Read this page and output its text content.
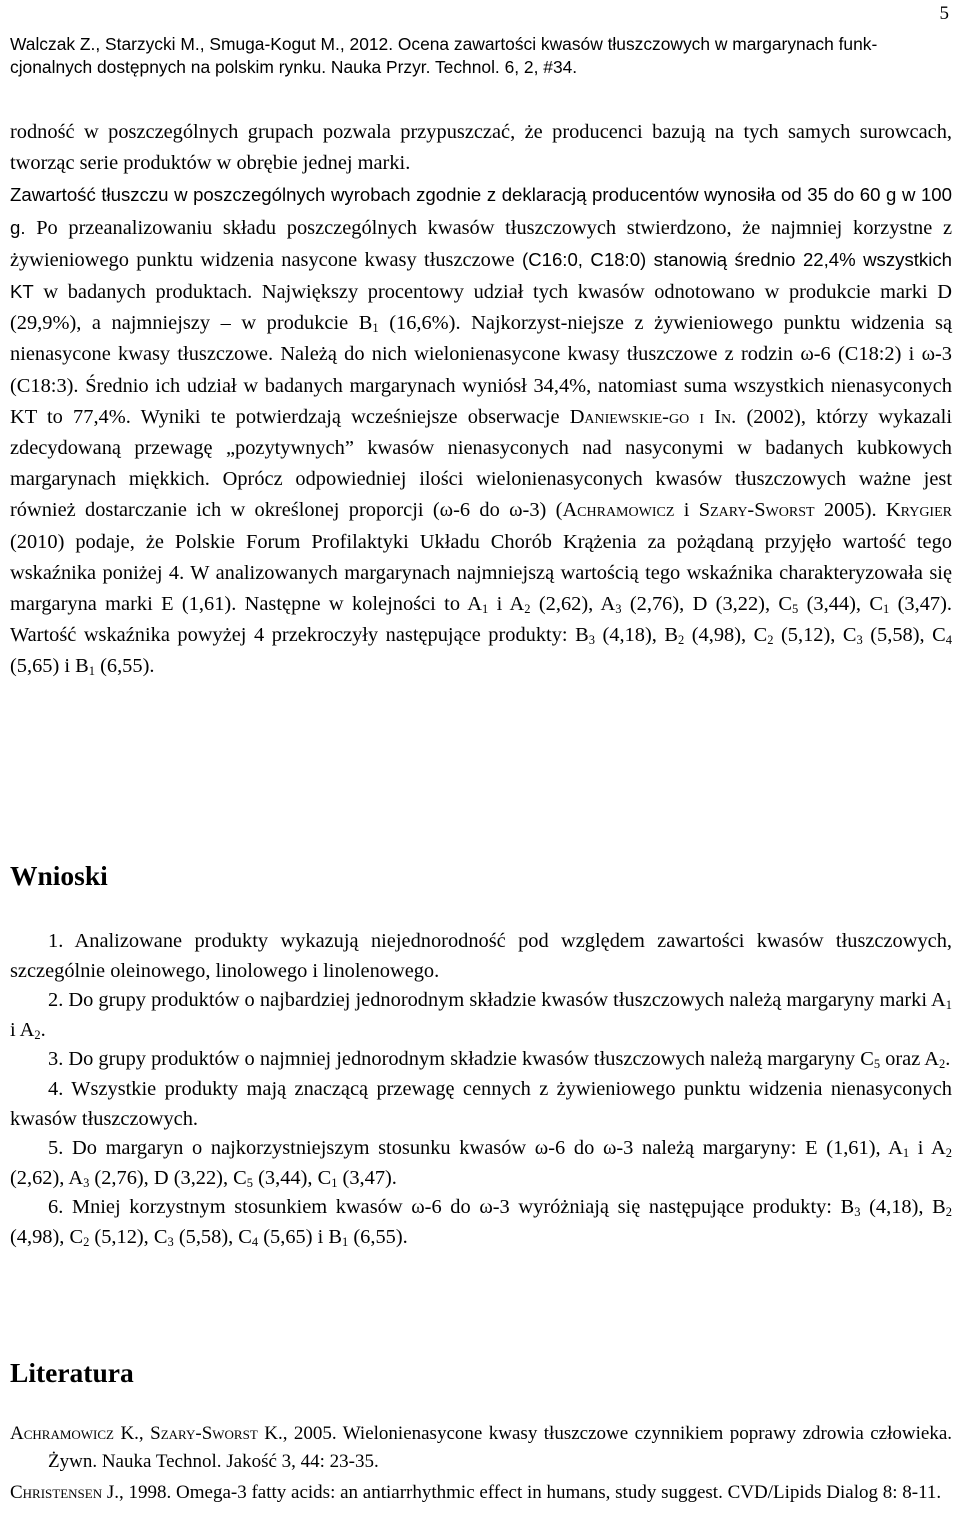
5
Walczak Z., Starzycki M., Smuga-Kogut M., 2012. Ocena zawartości kwasów tłuszczowych w margarynach funk-
cjonalnych dostępnych na polskim rynku. Nauka Przyr. Technol. 6, 2, #34.

rodność w poszczególnych grupach pozwala przypuszczać, że producenci bazują na tych samych surowcach, tworząc serie produktów w obrębie jednej marki.
Zawartość tłuszczu w poszczególnych wyrobach zgodnie z deklaracją producentów wynosiła od 35 do 60 g w 100 g. Po przeanalizowaniu składu poszczególnych kwasów tłuszczowych stwierdzono, że najmniej korzystne z żywieniowego punktu widzenia nasycone kwasy tłuszczowe (C16:0, C18:0) stanowią średnio 22,4% wszystkich KT w badanych produktach. Największy procentowy udział tych kwasów odnotowano w produkcie marki D (29,9%), a najmniejszy – w produkcie $B_1$ (16,6%). Najkorzyst-niejsze z żywieniowego punktu widzenia są nienasycone kwasy tłuszczowe. Należą do nich wielonienasycone kwasy tłuszczowe z rodzin ω-6 (C18:2) i ω-3 (C18:3). Średnio ich udział w badanych margarynach wyniósł 34,4%, natomiast suma wszystkich nienasyconych KT to 77,4%. Wyniki te potwierdzają wcześniejsze obserwacje Daniewskie-go i In. (2002), którzy wykazali zdecydowaną przewagę „pozytywnych” kwasów nienasyconych nad nasyconymi w badanych kubkowych margarynach miękkich. Oprócz odpowiedniej ilości wielonienasyconych kwasów tłuszczowych ważne jest również dostarczanie ich w określonej proporcji (ω-6 do ω-3) (Achramowicz i Szary-Sworst 2005). Krygier (2010) podaje, że Polskie Forum Profilaktyki Układu Chorób Krążenia za pożądaną przyjęło wartość tego wskaźnika poniżej 4. W analizowanych margarynach najmniejszą wartością tego wskaźnika charakteryzowała się margaryna marki E (1,61). Następne w kolejności to $A_1$ i $A_2$ (2,62), $A_3$ (2,76), D (3,22), $C_5$ (3,44), $C_1$ (3,47). Wartość wskaźnika powyżej 4 przekroczyły następujące produkty: $B_3$ (4,18), $B_2$ (4,98), $C_2$ (5,12), $C_3$ (5,58), $C_4$ (5,65) i $B_1$ (6,55).

Wnioski

1. Analizowane produkty wykazują niejednorodność pod względem zawartości kwasów tłuszczowych, szczególnie oleinowego, linolowego i linolenowego.

2. Do grupy produktów o najbardziej jednorodnym składzie kwasów tłuszczowych należą margaryny marki $A_1$ i $A_2$.

3. Do grupy produktów o najmniej jednorodnym składzie kwasów tłuszczowych należą margaryny $C_5$ oraz $A_2$.

4. Wszystkie produkty mają znaczącą przewagę cennych z żywieniowego punktu widzenia nienasyconych kwasów tłuszczowych.

5. Do margaryn o najkorzystniejszym stosunku kwasów ω-6 do ω-3 należą margaryny: E (1,61), $A_1$ i $A_2$ (2,62), $A_3$ (2,76), D (3,22), $C_5$ (3,44), $C_1$ (3,47).

6. Mniej korzystnym stosunkiem kwasów ω-6 do ω-3 wyróżniają się następujące produkty: $B_3$ (4,18), $B_2$ (4,98), $C_2$ (5,12), $C_3$ (5,58), $C_4$ (5,65) i $B_1$ (6,55).

Literatura

Achramowicz K., Szary-Sworst K., 2005. Wielonienasycone kwasy tłuszczowe czynnikiem poprawy zdrowia człowieka. Żywn. Nauka Technol. Jakość 3, 44: 23-35.

Christensen J., 1998. Omega-3 fatty acids: an antiarrhythmic effect in humans, study suggest. CVD/Lipids Dialog 8: 8-11.
